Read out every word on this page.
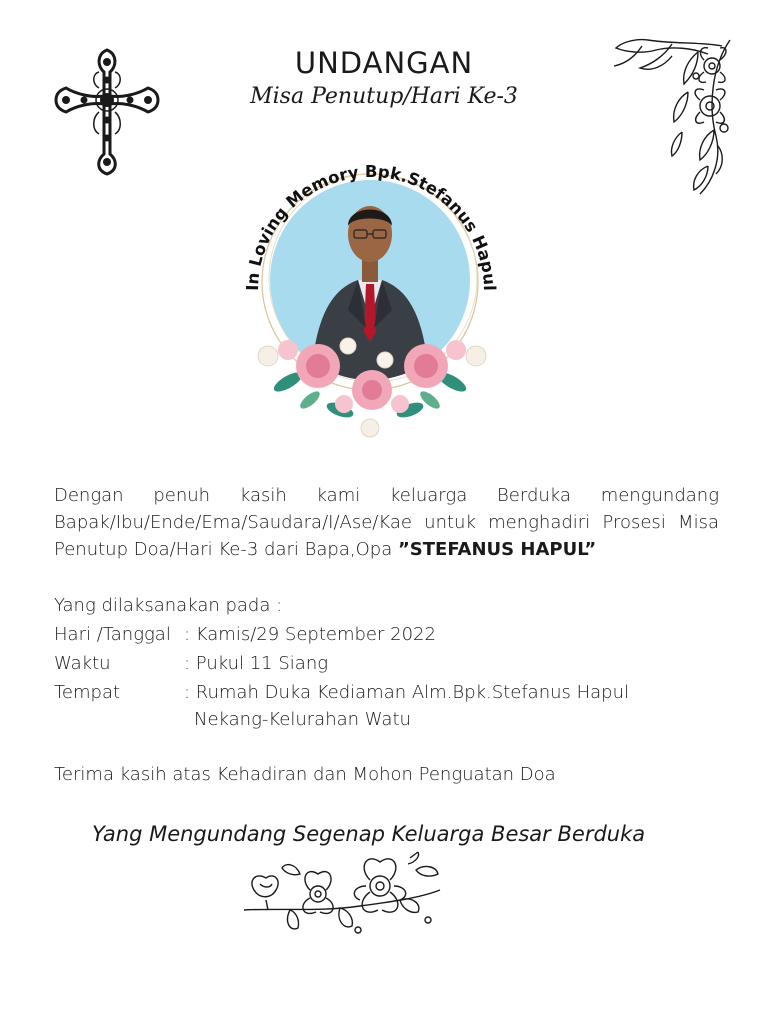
UNDANGAN
Misa Penutup/Hari Ke-3
In Loving Memory Bpk.Stefanus Hapul
Dengan penuh kasih kami keluarga Berduka mengundang Bapak/Ibu/Ende/Ema/Saudara/I/Ase/Kae untuk menghadiri Prosesi Misa Penutup Doa/Hari Ke-3 dari Bapa,Opa ”STEFANUS HAPUL”
Yang dilaksanakan pada :
Hari /Tanggal : Kamis/29 September 2022
Waktu	: Pukul 11 Siang
Tempat	: Rumah Duka Kediaman Alm.Bpk.Stefanus Hapul
Nekang-Kelurahan Watu
Terima kasih atas Kehadiran dan Mohon Penguatan Doa
Yang Mengundang Segenap Keluarga Besar Berduka
